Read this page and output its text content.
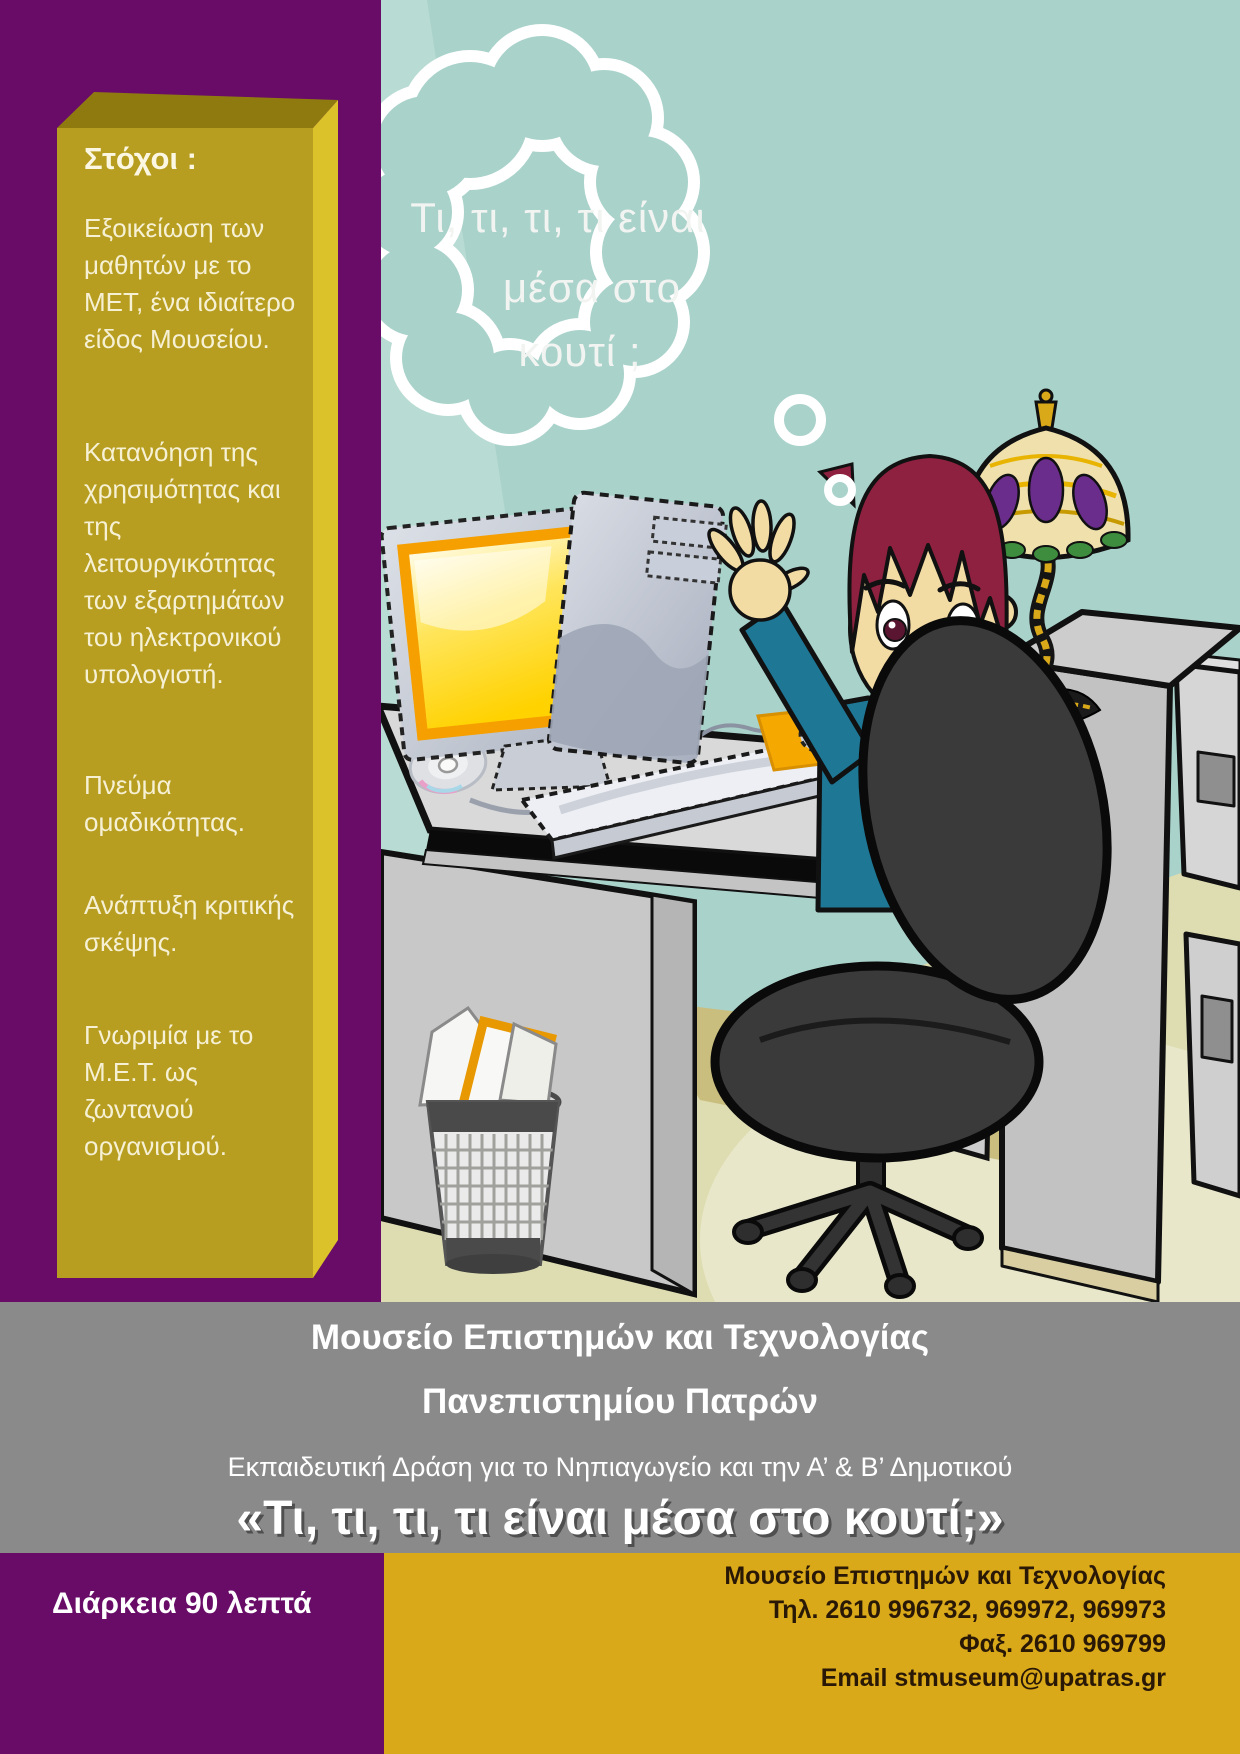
Στόχοι :

Εξοικείωση των μαθητών με το ΜΕΤ, ένα ιδιαίτερο είδος Μουσείου.

Κατανόηση της χρησιμότητας και της λειτουργικότητας των εξαρτημάτων του ηλεκτρονικού υπολογιστή.

Πνεύμα ομαδικότητας.

Ανάπτυξη κριτικής σκέψης.

Γνωριμία με το Μ.Ε.Τ. ως ζωντανού οργανισμού.

Τι, τι, τι, τι είναι
μέσα στο
κουτί ;
Μουσείο Επιστημών και Τεχνολογίας
Πανεπιστημίου Πατρών
Εκπαιδευτική Δράση για το Νηπιαγωγείο και την Α’ & Β’ Δημοτικού
«Τι, τι, τι, τι είναι μέσα στο κουτί;»
Διάρκεια 90 λεπτά
Μουσείο Επιστημών και Τεχνολογίας
Τηλ. 2610 996732, 969972, 969973
Φαξ. 2610 969799
Email stmuseum@upatras.gr
